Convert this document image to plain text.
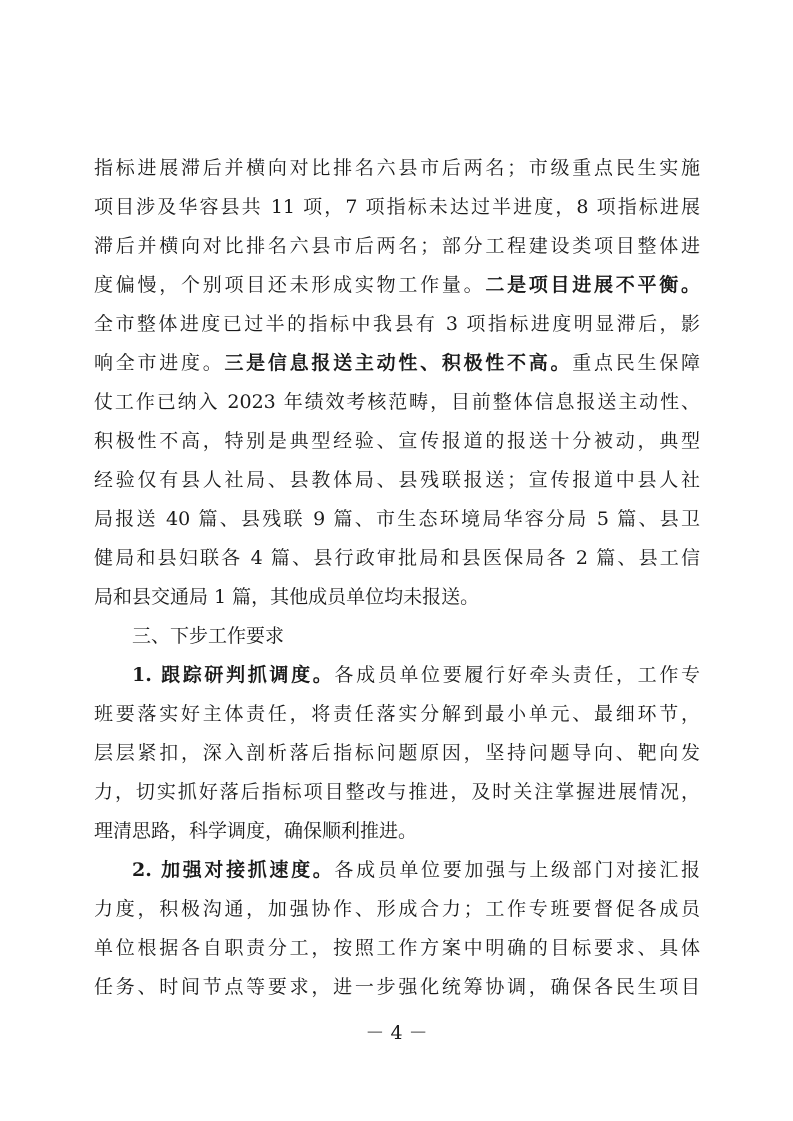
指标进展滞后并横向对比排名六县市后两名；市级重点民生实施
项目涉及华容县共 11 项，7 项指标未达过半进度，8 项指标进展
滞后并横向对比排名六县市后两名；部分工程建设类项目整体进
度偏慢，个别项目还未形成实物工作量。二是项目进展不平衡。
全市整体进度已过半的指标中我县有 3 项指标进度明显滞后，影
响全市进度。三是信息报送主动性、积极性不高。重点民生保障
仗工作已纳入 2023 年绩效考核范畴，目前整体信息报送主动性、
积极性不高，特别是典型经验、宣传报道的报送十分被动，典型
经验仅有县人社局、县教体局、县残联报送；宣传报道中县人社
局报送 40 篇、县残联 9 篇、市生态环境局华容分局 5 篇、县卫
健局和县妇联各 4 篇、县行政审批局和县医保局各 2 篇、县工信
局和县交通局 1 篇，其他成员单位均未报送。
三、下步工作要求
1. 跟踪研判抓调度。各成员单位要履行好牵头责任，工作专
班要落实好主体责任，将责任落实分解到最小单元、最细环节，
层层紧扣，深入剖析落后指标问题原因，坚持问题导向、靶向发
力，切实抓好落后指标项目整改与推进，及时关注掌握进展情况，
理清思路，科学调度，确保顺利推进。
2. 加强对接抓速度。各成员单位要加强与上级部门对接汇报
力度，积极沟通，加强协作、形成合力；工作专班要督促各成员
单位根据各自职责分工，按照工作方案中明确的目标要求、具体
任务、时间节点等要求，进一步强化统筹协调，确保各民生项目
－ 4 －
